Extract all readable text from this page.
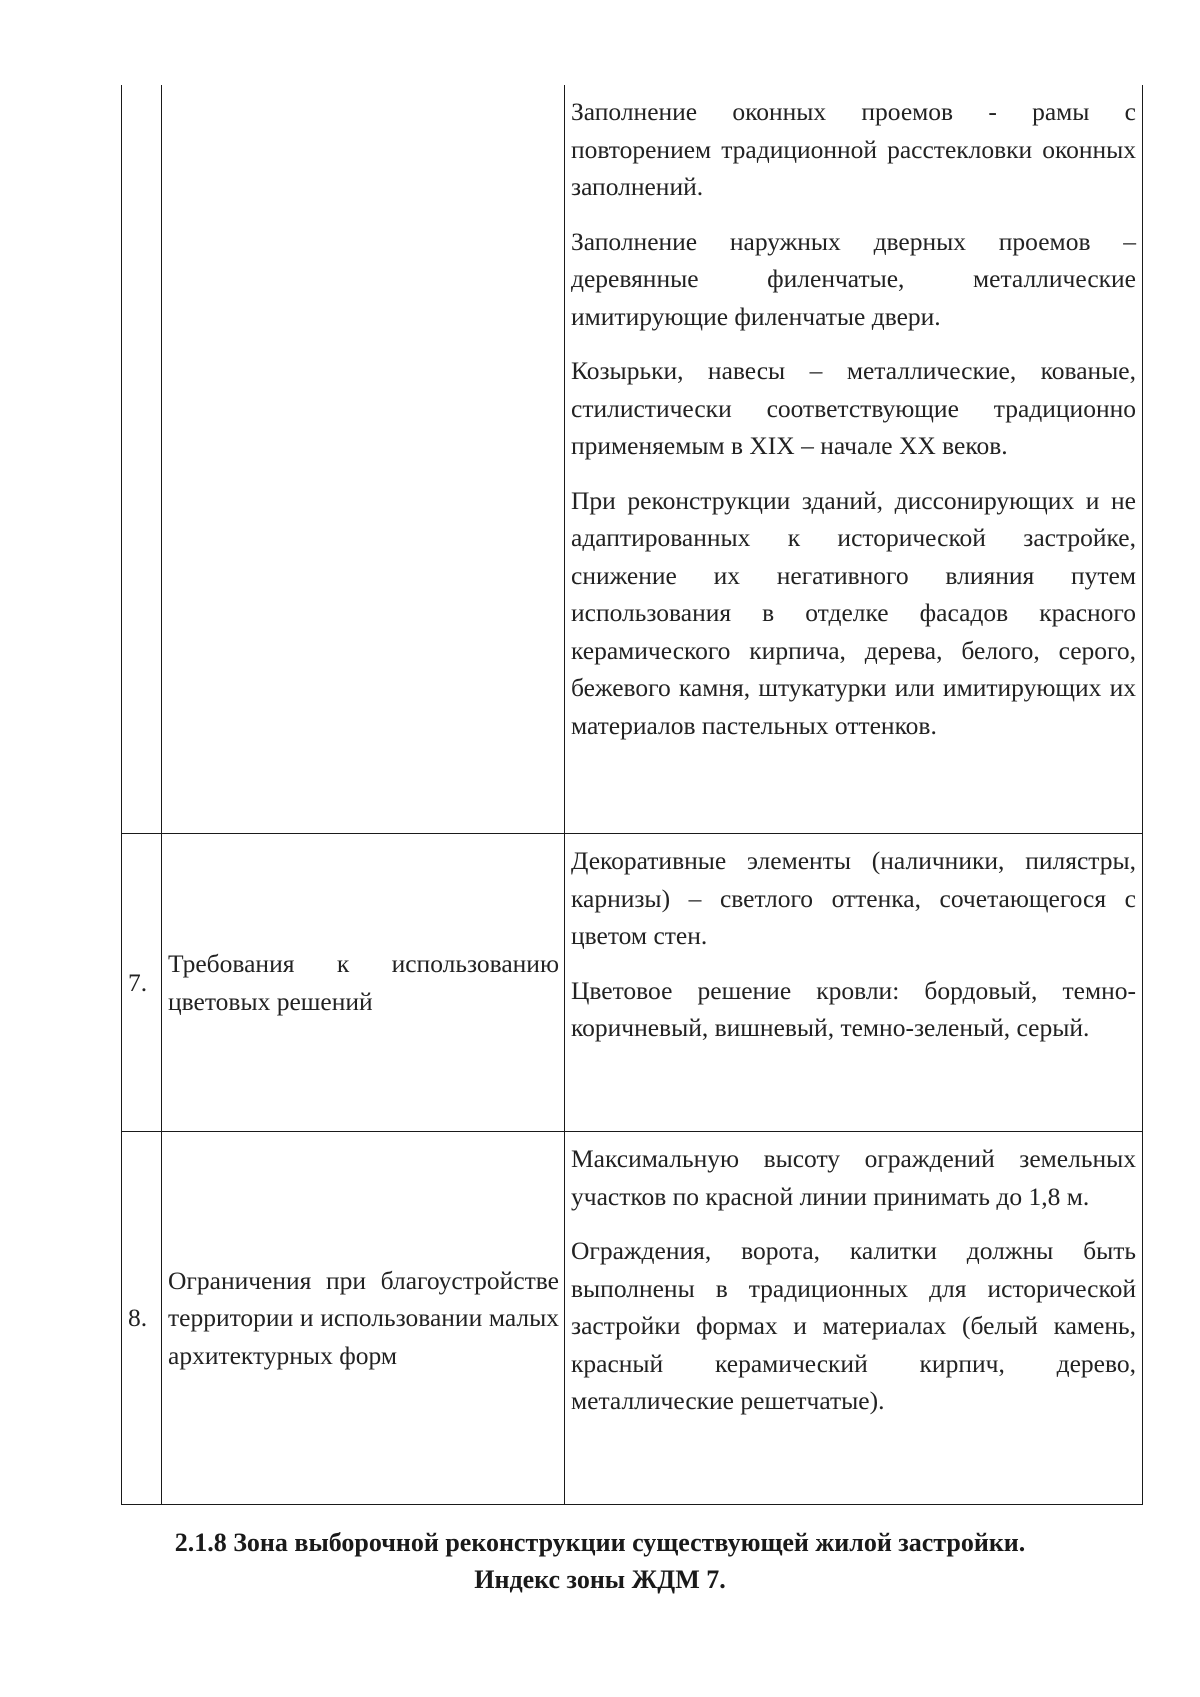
		Заполнение оконных проемов - рамы с повторением традиционной расстекловки оконных заполнений.

Заполнение наружных дверных проемов – деревянные филенчатые, металлические имитирующие филенчатые двери.

Козырьки, навесы – металлические, кованые, стилистически соответствующие традиционно применяемым в XIX – начале XX веков.

При реконструкции зданий, диссонирующих и не адаптированных к исторической застройке, снижение их негативного влияния путем использования в отделке фасадов красного керамического кирпича, дерева, белого, серого, бежевого камня, штукатурки или имитирующих их материалов пастельных оттенков.

7.	Требования к использованию цветовых решений	Декоративные элементы (наличники, пилястры, карнизы) – светлого оттенка, сочетающегося с цветом стен.

Цветовое решение кровли: бордовый, темно-коричневый, вишневый, темно-зеленый, серый.

8.	Ограничения при благоустройстве территории и использовании малых архитектурных форм	Максимальную высоту ограждений земельных участков по красной линии принимать до 1,8 м.

Ограждения, ворота, калитки должны быть выполнены в традиционных для исторической застройки формах и материалах (белый камень, красный керамический кирпич, дерево, металлические решетчатые).

2.1.8 Зона выборочной реконструкции существующей жилой застройки.
Индекс зоны ЖДМ 7.
